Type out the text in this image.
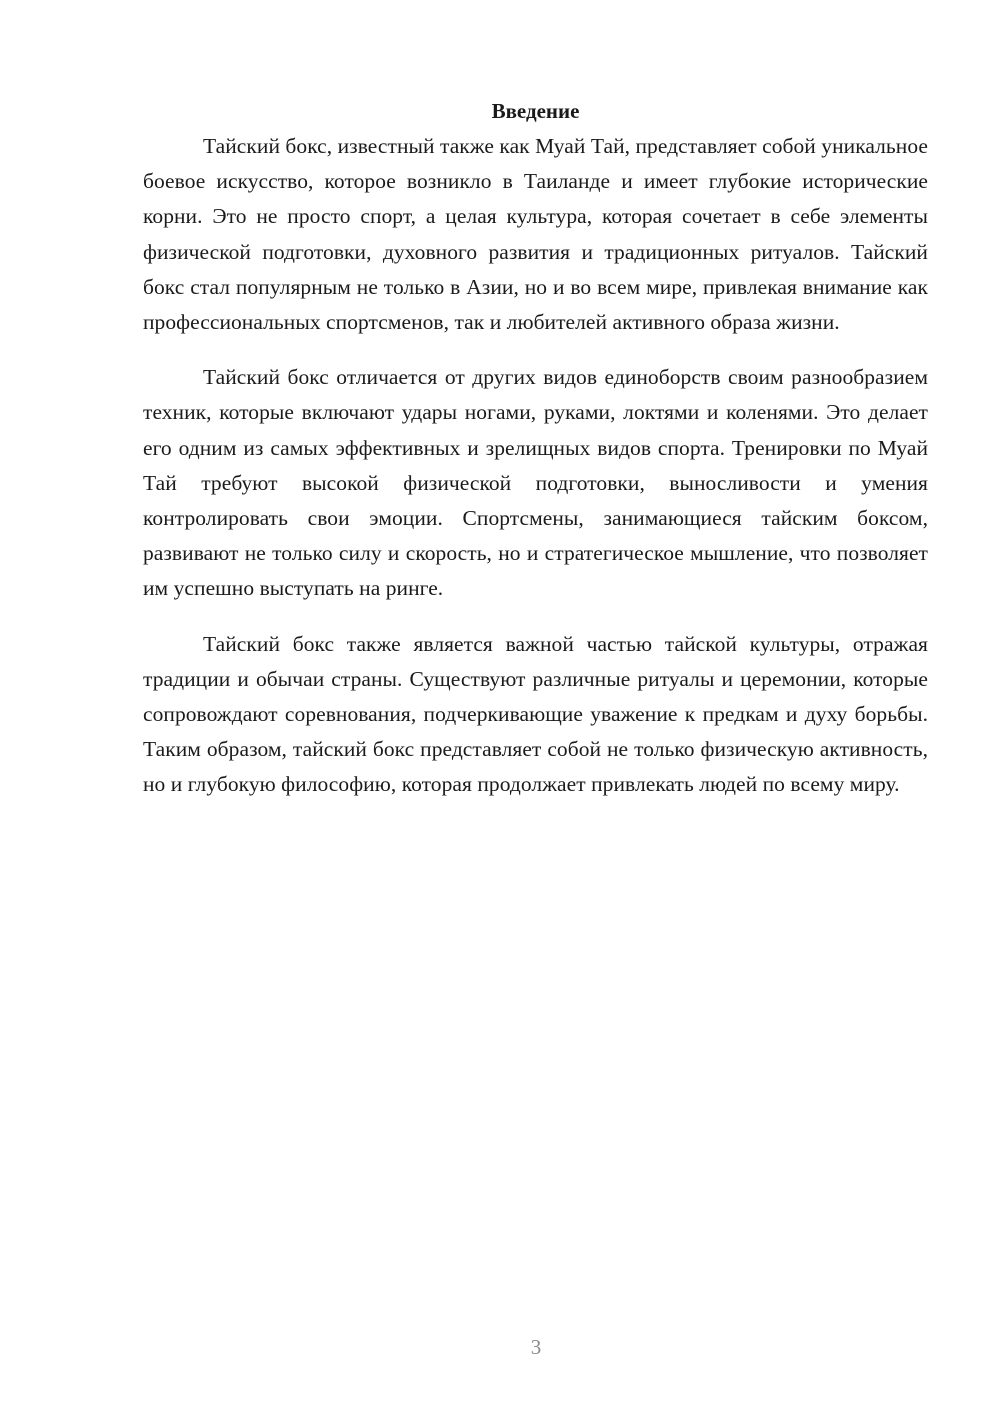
Введение

Тайский бокс, известный также как Муай Тай, представляет собой уникальное боевое искусство, которое возникло в Таиланде и имеет глубокие исторические корни. Это не просто спорт, а целая культура, которая сочетает в себе элементы физической подготовки, духовного развития и традиционных ритуалов. Тайский бокс стал популярным не только в Азии, но и во всем мире, привлекая внимание как профессиональных спортсменов, так и любителей активного образа жизни.

Тайский бокс отличается от других видов единоборств своим разнообразием техник, которые включают удары ногами, руками, локтями и коленями. Это делает его одним из самых эффективных и зрелищных видов спорта. Тренировки по Муай Тай требуют высокой физической подготовки, выносливости и умения контролировать свои эмоции. Спортсмены, занимающиеся тайским боксом, развивают не только силу и скорость, но и стратегическое мышление, что позволяет им успешно выступать на ринге.

Тайский бокс также является важной частью тайской культуры, отражая традиции и обычаи страны. Существуют различные ритуалы и церемонии, которые сопровождают соревнования, подчеркивающие уважение к предкам и духу борьбы. Таким образом, тайский бокс представляет собой не только физическую активность, но и глубокую философию, которая продолжает привлекать людей по всему миру.

3
